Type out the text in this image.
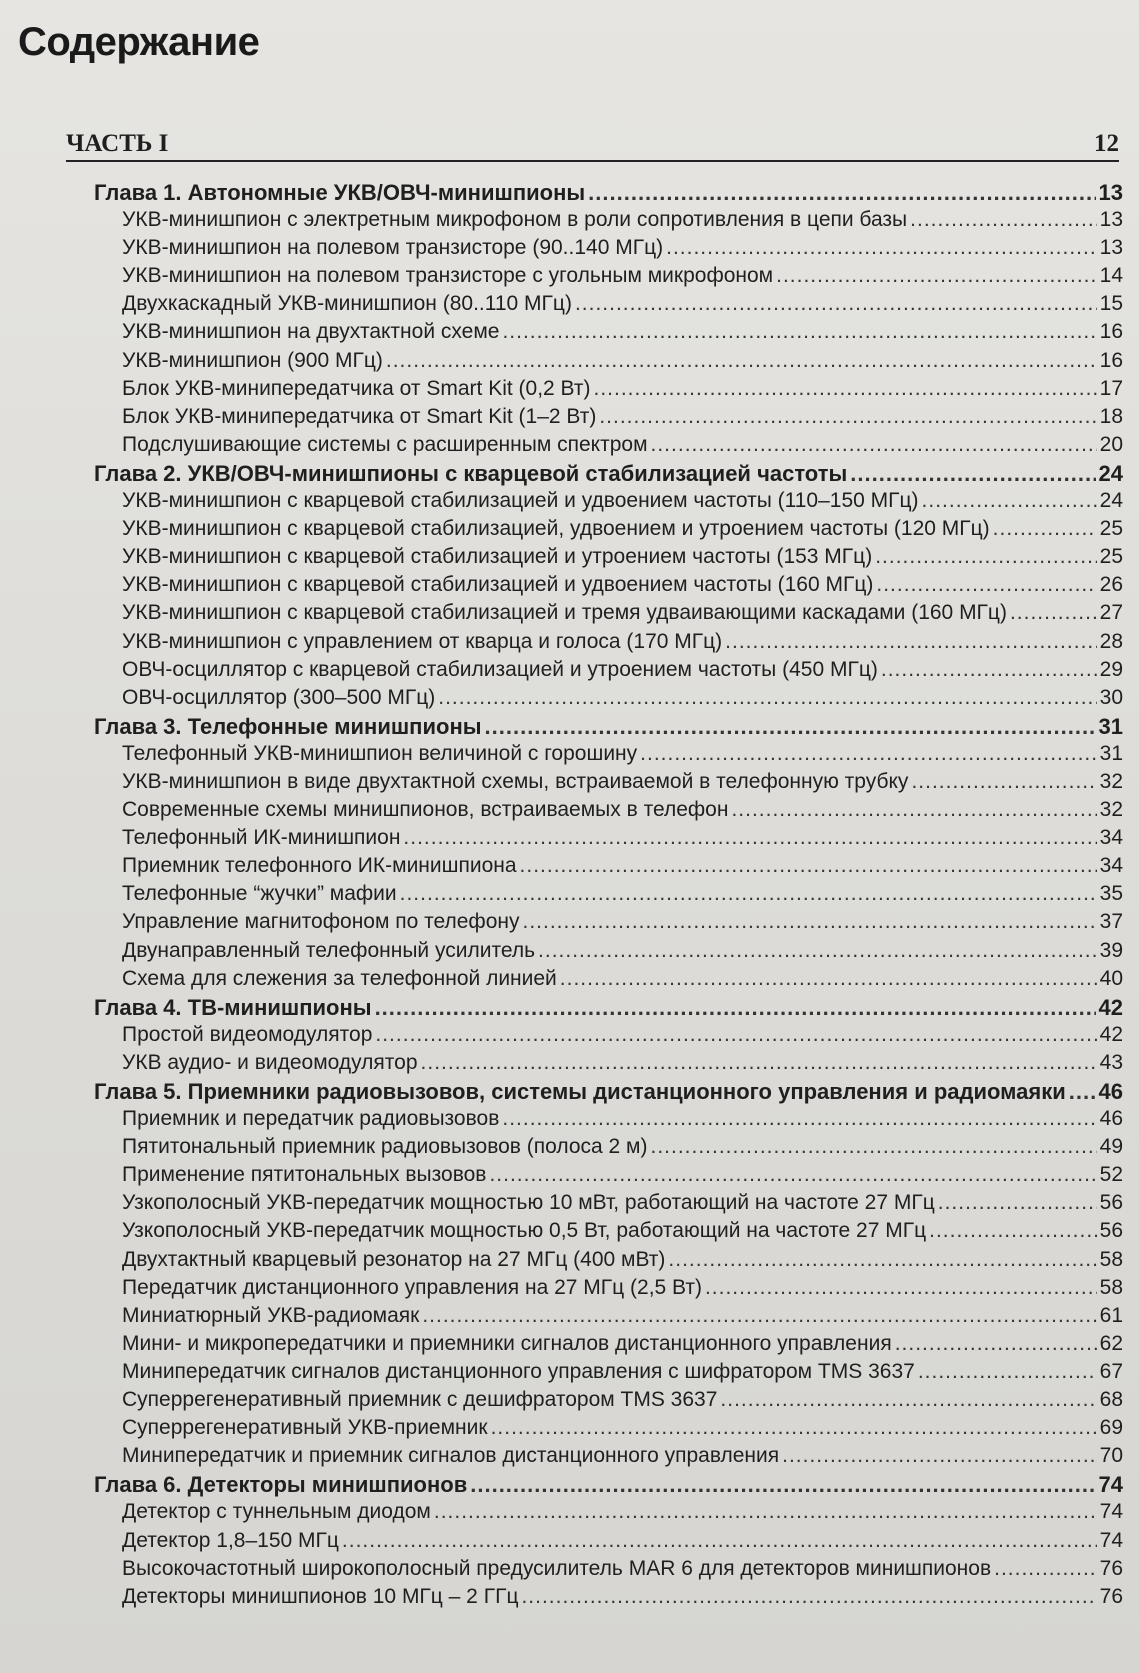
Содержание
ЧАСТЬ I	12
Глава 1. Автономные УКВ/ОВЧ-минишпионы .....	13
УКВ-минишпион с электретным микрофоном в роли сопротивления в цепи базы .....	13
УКВ-минишпион на полевом транзисторе (90..140 МГц) .....	13
УКВ-минишпион на полевом транзисторе с угольным микрофоном .....	14
Двухкаскадный УКВ-минишпион (80..110 МГц) .....	15
УКВ-минишпион на двухтактной схеме .....	16
УКВ-минишпион (900 МГц) .....	16
Блок УКВ-минипередатчика от Smart Kit (0,2 Вт) .....	17
Блок УКВ-минипередатчика от Smart Kit (1–2 Вт) .....	18
Подслушивающие системы с расширенным спектром .....	20
Глава 2. УКВ/ОВЧ-минишпионы с кварцевой стабилизацией частоты .....	24
УКВ-минишпион с кварцевой стабилизацией и удвоением частоты (110–150 МГц) .....	24
УКВ-минишпион с кварцевой стабилизацией, удвоением и утроением частоты (120 МГц) .....	25
УКВ-минишпион с кварцевой стабилизацией и утроением частоты (153 МГц) .....	25
УКВ-минишпион с кварцевой стабилизацией и удвоением частоты (160 МГц) .....	26
УКВ-минишпион с кварцевой стабилизацией и тремя удваивающими каскадами (160 МГц) .....	27
УКВ-минишпион с управлением от кварца и голоса (170 МГц) .....	28
ОВЧ-осциллятор с кварцевой стабилизацией и утроением частоты (450 МГц) .....	29
ОВЧ-осциллятор (300–500 МГц) .....	30
Глава 3. Телефонные минишпионы .....	31
Телефонный УКВ-минишпион величиной с горошину .....	31
УКВ-минишпион в виде двухтактной схемы, встраиваемой в телефонную трубку .....	32
Современные схемы минишпионов, встраиваемых в телефон .....	32
Телефонный ИК-минишпион .....	34
Приемник телефонного ИК-минишпиона .....	34
Телефонные “жучки” мафии .....	35
Управление магнитофоном по телефону .....	37
Двунаправленный телефонный усилитель .....	39
Схема для слежения за телефонной линией .....	40
Глава 4. ТВ-минишпионы .....	42
Простой видеомодулятор .....	42
УКВ аудио- и видеомодулятор .....	43
Глава 5. Приемники радиовызовов, системы дистанционного управления и радиомаяки ..... 46
Приемник и передатчик радиовызовов .....	46
Пятитональный приемник радиовызовов (полоса 2 м) .....	49
Применение пятитональных вызовов .....	52
Узкополосный УКВ-передатчик мощностью 10 мВт, работающий на частоте 27 МГц .....	56
Узкополосный УКВ-передатчик мощностью 0,5 Вт, работающий на частоте 27 МГц .....	56
Двухтактный кварцевый резонатор на 27 МГц (400 мВт) .....	58
Передатчик дистанционного управления на 27 МГц (2,5 Вт) .....	58
Миниатюрный УКВ-радиомаяк .....	61
Мини- и микропередатчики и приемники сигналов дистанционного управления .....	62
Минипередатчик сигналов дистанционного управления с шифратором TMS 3637 .....	67
Суперрегенеративный приемник с дешифратором TMS 3637 .....	68
Суперрегенеративный УКВ-приемник .....	69
Минипередатчик и приемник сигналов дистанционного управления .....	70
Глава 6. Детекторы минишпионов .....	74
Детектор с туннельным диодом .....	74
Детектор 1,8–150 МГц .....	74
Высокочастотный широкополосный предусилитель MAR 6 для детекторов минишпионов .....	76
Детекторы минишпионов 10 МГц – 2 ГГц .....	76
